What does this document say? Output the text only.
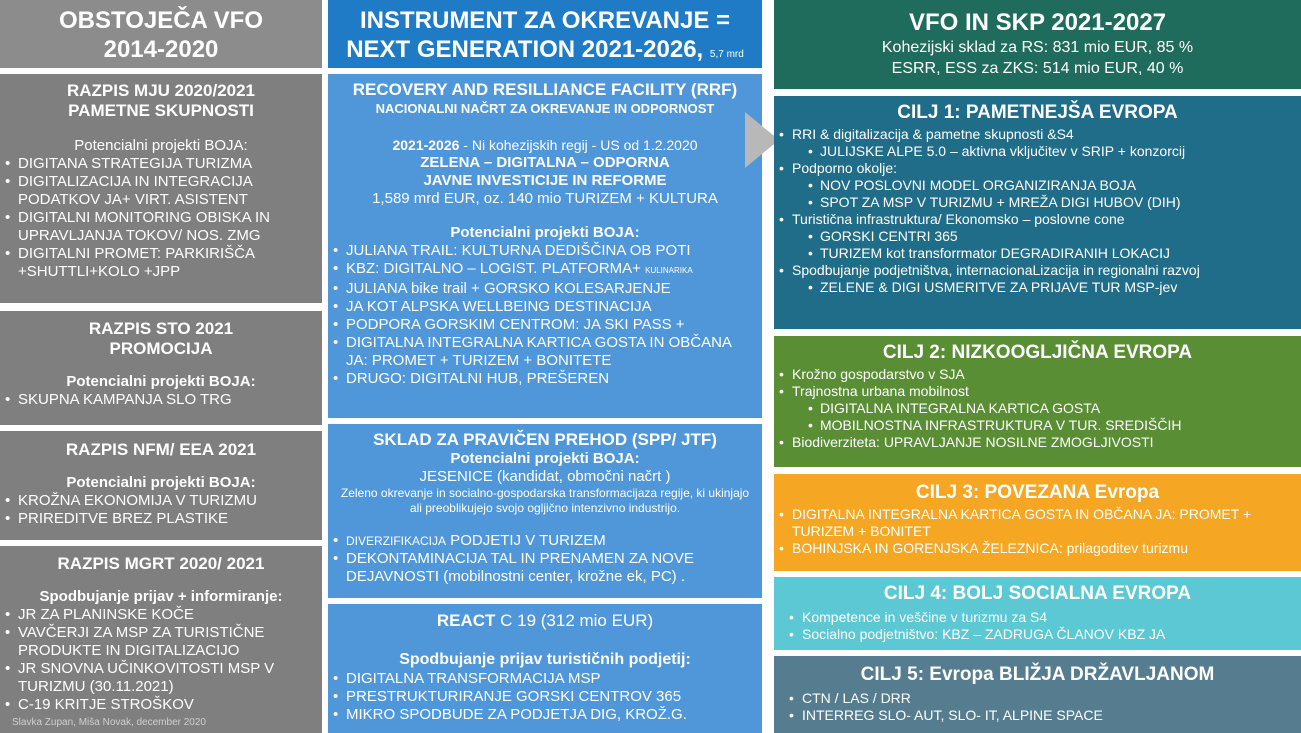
OBSTOJEČA VFO
2014-2020
RAZPIS MJU 2020/2021
PAMETNE SKUPNOSTI
Potencialni projekti BOJA:
• DIGITANA STRATEGIJA TURIZMA
• DIGITALIZACIJA IN INTEGRACIJA PODATKOV JA+ VIRT. ASISTENT
• DIGITALNI MONITORING OBISKA IN UPRAVLJANJA TOKOV/ NOS. ZMG
• DIGITALNI PROMET: PARKIRIŠČA +SHUTTLI+KOLO +JPP
RAZPIS STO 2021
PROMOCIJA
Potencialni projekti BOJA:
• SKUPNA KAMPANJA SLO TRG
RAZPIS NFM/ EEA 2021
Potencialni projekti BOJA:
• KROŽNA EKONOMIJA V TURIZMU
• PRIREDITVE BREZ PLASTIKE
RAZPIS MGRT 2020/ 2021
Spodbujanje prijav + informiranje:
• JR ZA PLANINSKE KOČE
• VAVČERJI ZA MSP ZA TURISTIČNE PRODUKTE IN DIGITALIZACIJO
• JR SNOVNA UČINKOVITOSTI MSP V TURIZMU (30.11.2021)
• C-19 KRITJE STROŠKOV
INSTRUMENT ZA OKREVANJE =
NEXT GENERATION 2021-2026, 5,7 mrd
RECOVERY AND RESILLIANCE FACILITY (RRF)
NACIONALNI NAČRT ZA OKREVANJE IN ODPORNOST
2021-2026 - Ni kohezijskih regij - US od 1.2.2020
ZELENA – DIGITALNA – ODPORNA
JAVNE INVESTICIJE IN REFORME
1,589 mrd EUR, oz. 140 mio TURIZEM + KULTURA
Potencialni projekti BOJA:
• JULIANA TRAIL: KULTURNA DEDIŠČINA OB POTI
• KBZ: DIGITALNO – LOGIST. PLATFORMA+ KULINARIKA
• JULIANA bike trail + GORSKO KOLESARJENJE
• JA KOT ALPSKA WELLBEING DESTINACIJA
• PODPORA GORSKIM CENTROM: JA SKI PASS +
• DIGITALNA INTEGRALNA KARTICA GOSTA IN OBČANA JA: PROMET + TURIZEM + BONITETE
• DRUGO: DIGITALNI HUB, PREŠEREN
SKLAD ZA PRAVIČEN PREHOD (SPP/ JTF)
Potencialni projekti BOJA:
JESENICE (kandidat, območni načrt )
Zeleno okrevanje in socialno-gospodarska transformacijaza regije, ki ukinjajo ali preoblikujejo svojo ogljično intenzivno industrijo.
• DIVERZIFIKACIJA PODJETIJ V TURIZEM
• DEKONTAMINACIJA TAL IN PRENAMEN ZA NOVE DEJAVNOSTI (mobilnostni center, krožne ek, PC) .
REACT C 19 (312 mio EUR)
Spodbujanje prijav turističnih podjetij:
• DIGITALNA TRANSFORMACIJA MSP
• PRESTRUKTURIRANJE GORSKI CENTROV 365
• MIKRO SPODBUDE ZA PODJETJA DIG, KROŽ.G.
VFO IN SKP 2021-2027
Kohezijski sklad za RS: 831 mio EUR, 85 %
ESRR, ESS za ZKS: 514 mio EUR, 40 %
CILJ 1: PAMETNEJŠA EVROPA
• RRI & digitalizacija & pametne skupnosti &S4
• JULIJSKE ALPE 5.0 – aktivna vključitev v SRIP + konzorcij
• Podporno okolje:
• NOV POSLOVNI MODEL ORGANIZIRANJA BOJA
• SPOT ZA MSP V TURIZMU + MREŽA DIGI HUBOV (DIH)
• Turistična infrastruktura/ Ekonomsko – poslovne cone
• GORSKI CENTRI 365
• TURIZEM kot transforrmator DEGRADIRANIH LOKACIJ
• Spodbujanje podjetništva, internacionaLizacija in regionalni razvoj
• ZELENE & DIGI USMERITVE ZA PRIJAVE TUR MSP-jev
CILJ 2: NIZKOOGLJIČNA EVROPA
• Krožno gospodarstvo v SJA
• Trajnostna urbana mobilnost
• DIGITALNA INTEGRALNA KARTICA GOSTA
• MOBILNOSTNA INFRASTRUKTURA V TUR. SREDIŠČIH
• Biodiverziteta: UPRAVLJANJE NOSILNE ZMOGLJIVOSTI
CILJ 3: POVEZANA Evropa
• DIGITALNA INTEGRALNA KARTICA GOSTA IN OBČANA JA: PROMET + TURIZEM + BONITET
• BOHINJSKA IN GORENJSKA ŽELEZNICA: prilagoditev turizmu
CILJ 4: BOLJ SOCIALNA EVROPA
• Kompetence in veščine v turizmu za S4
• Socialno podjetništvo: KBZ – ZADRUGA ČLANOV KBZ JA
CILJ 5: Evropa BLIŽJA DRŽAVLJANOM
• CTN / LAS / DRR
• INTERREG SLO- AUT, SLO- IT, ALPINE SPACE
Slavka Zupan, Miša Novak, december 2020
